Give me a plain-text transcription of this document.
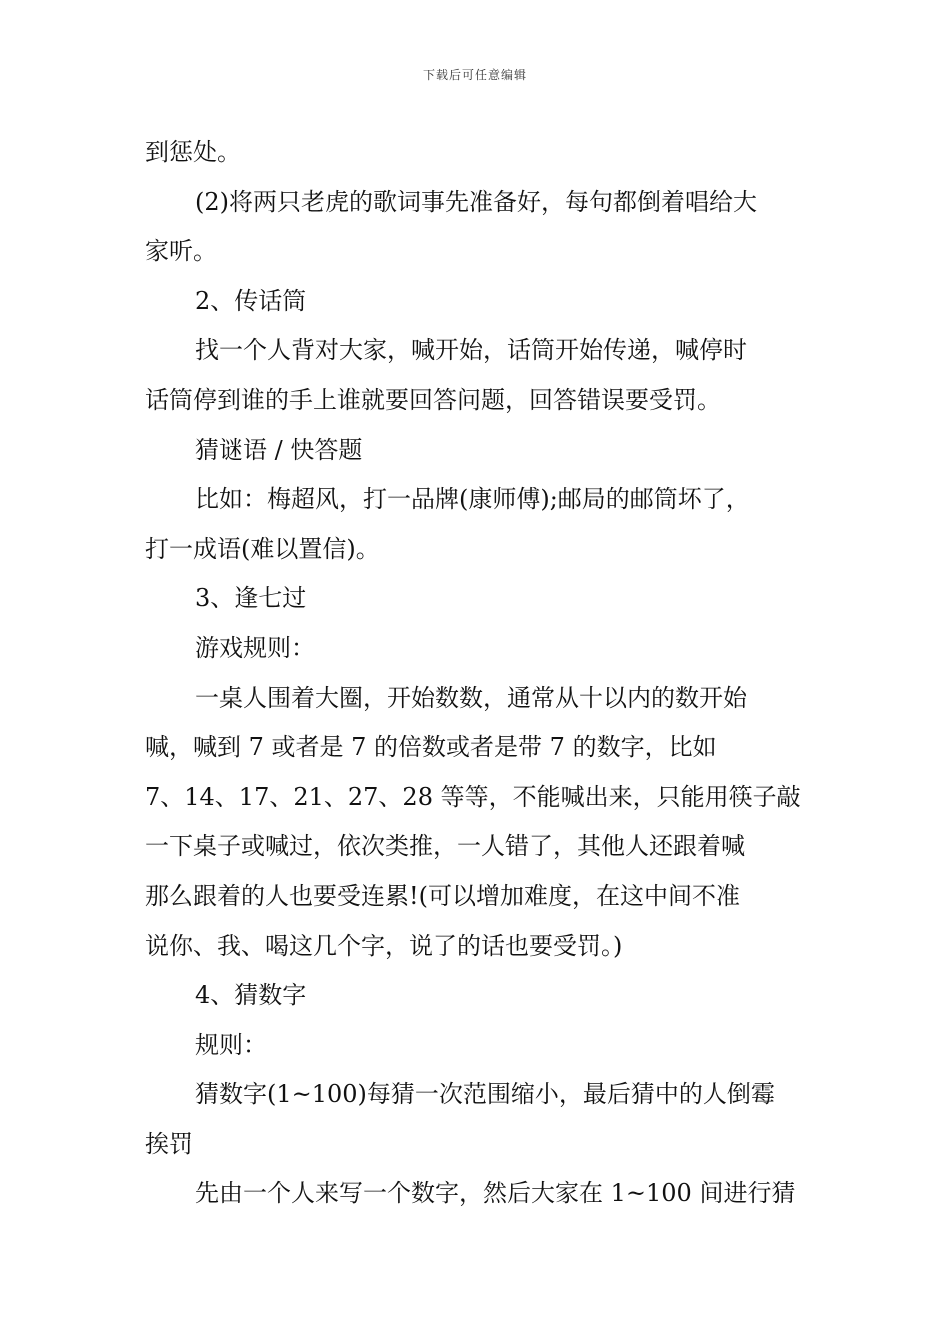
下载后可任意编辑

到惩处。

(2)将两只老虎的歌词事先准备好，每句都倒着唱给大

家听。

2、传话筒

找一个人背对大家，喊开始，话筒开始传递，喊停时

话筒停到谁的手上谁就要回答问题，回答错误要受罚。

猜谜语 / 快答题

比如：梅超风，打一品牌(康师傅);邮局的邮筒坏了，

打一成语(难以置信)。

3、逢七过

游戏规则：

一桌人围着大圈，开始数数，通常从十以内的数开始

喊，喊到 7 或者是 7 的倍数或者是带 7 的数字，比如

7、14、17、21、27、28 等等，不能喊出来，只能用筷子敲

一下桌子或喊过，依次类推，一人错了，其他人还跟着喊

那么跟着的人也要受连累!(可以增加难度，在这中间不准

说你、我、喝这几个字，说了的话也要受罚。)

4、猜数字

规则：

猜数字(1~100)每猜一次范围缩小，最后猜中的人倒霉

挨罚

先由一个人来写一个数字，然后大家在 1~100 间进行猜
